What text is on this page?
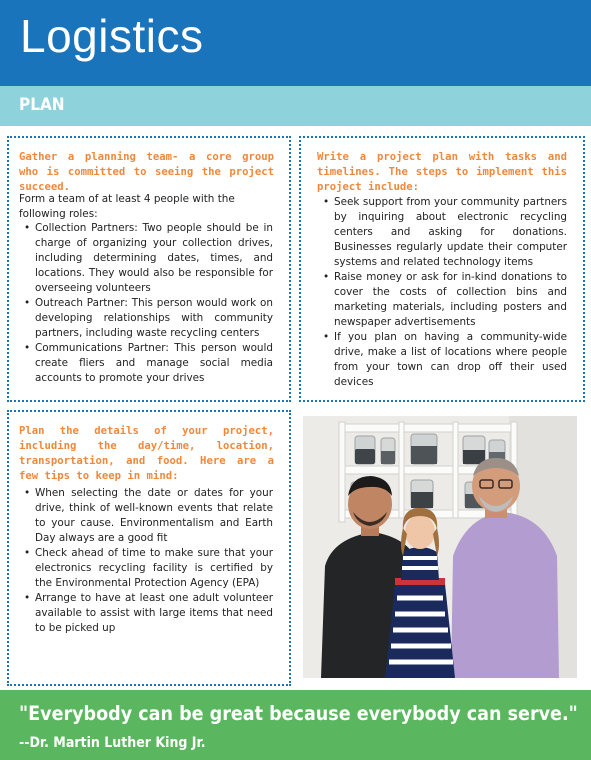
Logistics
PLAN
Gather a planning team- a core group who is committed to seeing the project succeed.
Form a team of at least 4 people with the following roles:
• Collection Partners: Two people should be in charge of organizing your collection drives, including determining dates, times, and locations. They would also be responsible for overseeing volunteers
• Outreach Partner: This person would work on developing relationships with community partners, including waste recycling centers
• Communications Partner: This person would create fliers and manage social media accounts to promote your drives
Write a project plan with tasks and timelines. The steps to implement this project include:
• Seek support from your community partners by inquiring about electronic recycling centers and asking for donations. Businesses regularly update their computer systems and related technology items
• Raise money or ask for in-kind donations to cover the costs of collection bins and marketing materials, including posters and newspaper advertisements
• If you plan on having a community-wide drive, make a list of locations where people from your town can drop off their used devices
Plan the details of your project, including the day/time, location, transportation, and food. Here are a few tips to keep in mind:
• When selecting the date or dates for your drive, think of well-known events that relate to your cause. Environmentalism and Earth Day always are a good fit
• Check ahead of time to make sure that your electronics recycling facility is certified by the Environmental Protection Agency (EPA)
• Arrange to have at least one adult volunteer available to assist with large items that need to be picked up
"Everybody can be great because everybody can serve."
--Dr. Martin Luther King Jr.
